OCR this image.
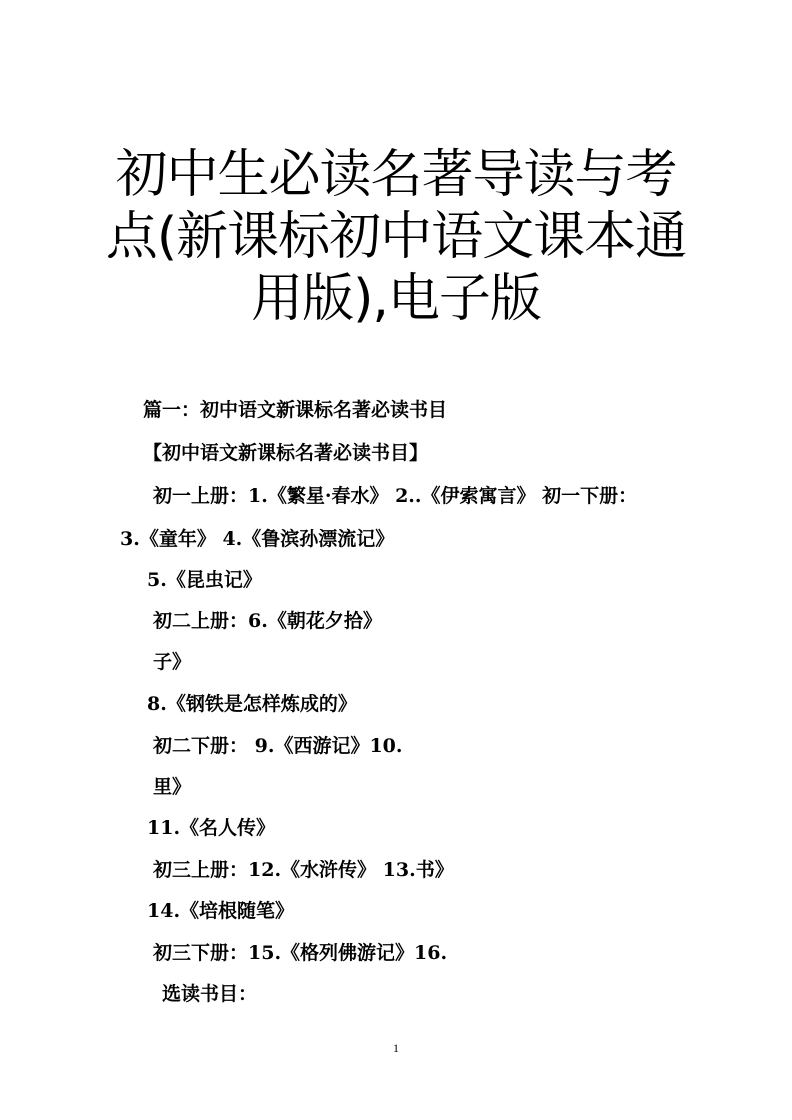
初中生必读名著导读与考
点(新课标初中语文课本通
用版),电子版
篇一：初中语文新课标名著必读书目
【初中语文新课标名著必读书目】
初一上册：1.《繁星·春水》 2..《伊索寓言》 初一下册：
3.《童年》 4.《鲁滨孙漂流记》
5.《昆虫记》
初二上册：6.《朝花夕拾》
子》
8.《钢铁是怎样炼成的》
初二下册： 9.《西游记》10.
里》
11.《名人传》
初三上册：12.《水浒传》 13.书》
14.《培根随笔》
初三下册：15.《格列佛游记》16.
选读书目：
1
